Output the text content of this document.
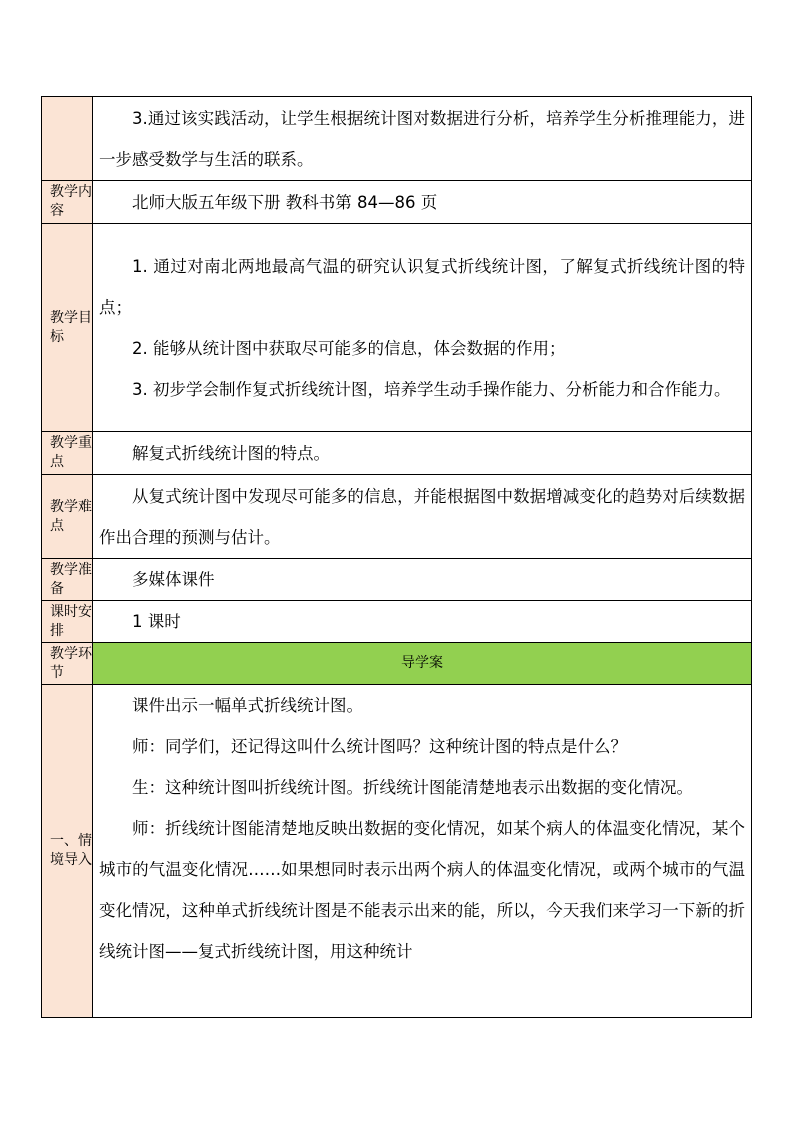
	3.通过该实践活动，让学生根据统计图对数据进行分析，培养学生分析推理能力，进一步感受数学与生活的联系。

教学内容	北师大版五年级下册 教科书第 84—86 页

教学目标	1. 通过对南北两地最高气温的研究认识复式折线统计图，了解复式折线统计图的特点；

2. 能够从统计图中获取尽可能多的信息，体会数据的作用；

3. 初步学会制作复式折线统计图，培养学生动手操作能力、分析能力和合作能力。

教学重点	解复式折线统计图的特点。

教学难点	从复式统计图中发现尽可能多的信息，并能根据图中数据增减变化的趋势对后续数据作出合理的预测与估计。

教学准备	多媒体课件

课时安排	1 课时

教学环节	导学案
一、情境导入	课件出示一幅单式折线统计图。

师：同学们，还记得这叫什么统计图吗？这种统计图的特点是什么？

生：这种统计图叫折线统计图。折线统计图能清楚地表示出数据的变化情况。

师：折线统计图能清楚地反映出数据的变化情况，如某个病人的体温变化情况，某个城市的气温变化情况……如果想同时表示出两个病人的体温变化情况，或两个城市的气温变化情况，这种单式折线统计图是不能表示出来的能，所以，今天我们来学习一下新的折线统计图——复式折线统计图，用这种统计
